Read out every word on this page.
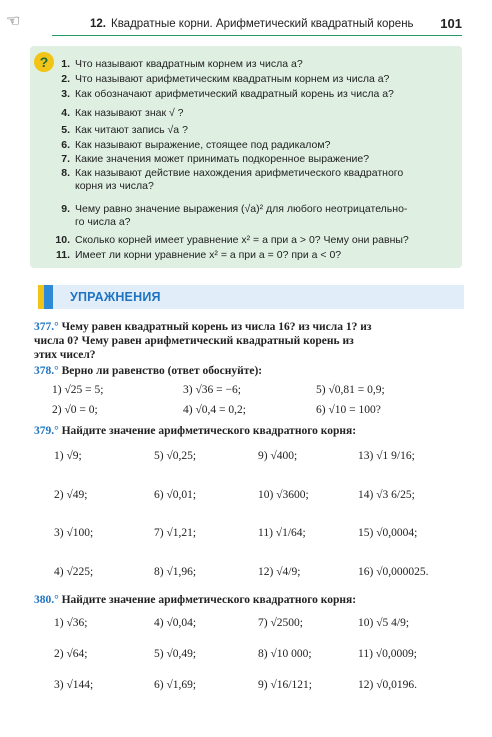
☜	12. Квадратные корни. Арифметический квадратный корень 101
?	1. Что называют квадратным корнем из числа a?
2. Что называют арифметическим квадратным корнем из числа a?
3. Как обозначают арифметический квадратный корень из числа a?
4. Как называют знак √ ?
5. Как читают запись √a ?
6. Как называют выражение, стоящее под радикалом?
7. Какие значения может принимать подкоренное выражение?
8. Как называют действие нахождения арифметического квадратного
корня из числа?
9. Чему равно значение выражения (√a)² для любого неотрицательно-
го числа a?
10. Сколько корней имеет уравнение x² = a при a > 0? Чему они равны?
11. Имеет ли корни уравнение x² = a при a = 0? при a < 0?
УПРАЖНЕНИЯ
377.° Чему равен квадратный корень из числа 16? из числа 1? из
числа 0? Чему равен арифметический квадратный корень из
этих чисел?
378.° Верно ли равенство (ответ обоснуйте):
1) √25 = 5;	3) √36 = −6;	5) √0,81 = 0,9;
2) √0 = 0;	4) √0,4 = 0,2;	6) √10 = 100?
379.° Найдите значение арифметического квадратного корня:
1) √9;	5) √0,25;	9) √400;	13) √1 9/16;
2) √49;	6) √0,01;	10) √3600;	14) √3 6/25;
3) √100;	7) √1,21;	11) √1/64;	15) √0,0004;
4) √225;	8) √1,96;	12) √4/9;	16) √0,000025.
380.° Найдите значение арифметического квадратного корня:
1) √36;	4) √0,04;	7) √2500;	10) √5 4/9;
2) √64;	5) √0,49;	8) √10 000;	11) √0,0009;
3) √144;	6) √1,69;	9) √16/121;	12) √0,0196.
